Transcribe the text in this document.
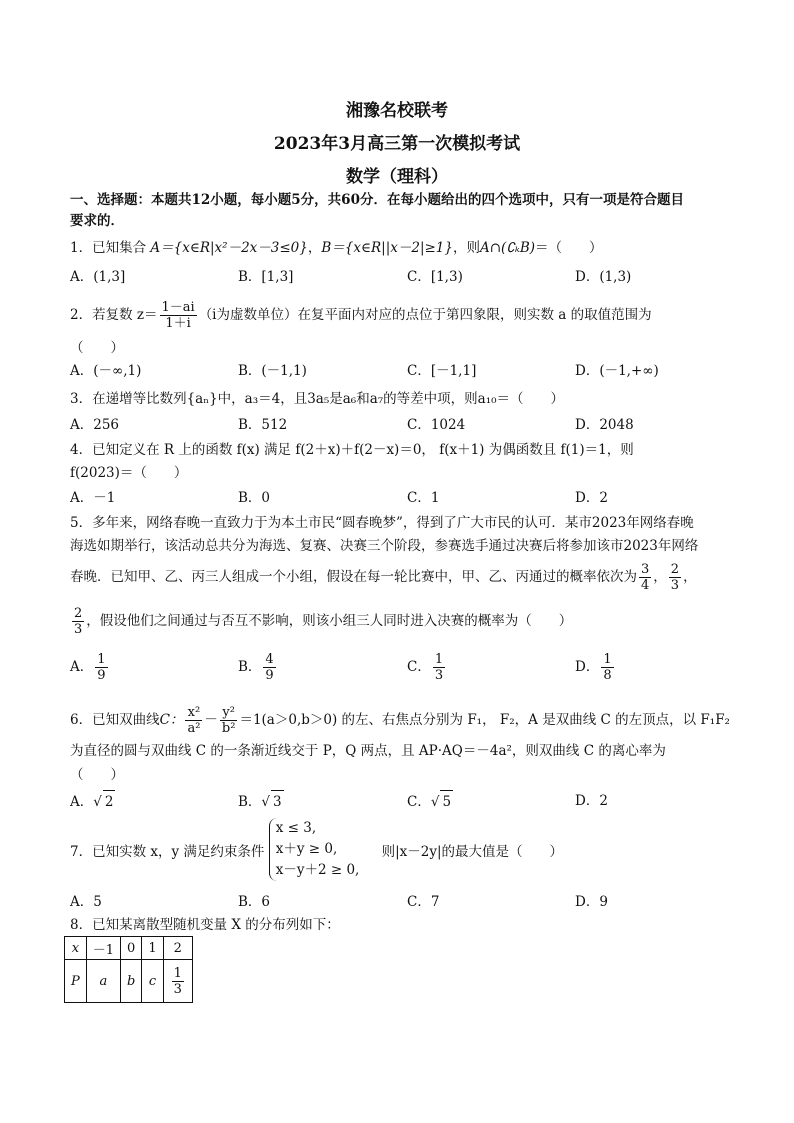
湘豫名校联考
2023年3月高三第一次模拟考试
数学（理科）
一、选择题：本题共12小题，每小题5分，共60分．在每小题给出的四个选项中，只有一项是符合题目
要求的．
1．已知集合 A＝{x∈R|x²－2x－3≤0}，B＝{x∈R||x－2|≥1}，则A∩(∁ₖB)＝（　　）
A．(1,3]	B．[1,3]	C．[1,3)	D．(1,3)
2．若复数 $z= \frac{1-ai}{1+i} (i$为虚数单位）在复平面内对应的点位于第四象限，则实数 a 的取值范围为
（　　）
A．(－∞,1)	B．(－1,1)	C．[－1,1]	D．(－1,+∞)
3．在递增等比数列{aₙ}中，a₃＝4，且3a₅是a₆和a₇的等差中项，则a₁₀＝（　　）
A．256	B．512	C．1024	D．2048
4．已知定义在 R 上的函数 f(x) 满足 f(2＋x)＋f(2－x)＝0， f(x＋1) 为偶函数且 f(1)＝1，则
f(2023)＝（　　）
A．－1	B．0	C．1	D．2
5．多年来，网络春晚一直致力于为本土市民“圆春晚梦”，得到了广大市民的认可．某市2023年网络春晚
海选如期举行，该活动总共分为海选、复赛、决赛三个阶段，参赛选手通过决赛后将参加该市2023年网络
春晚．已知甲、乙、丙三人组成一个小组，假设在每一轮比赛中，甲、乙、丙通过的概率依次为 $\frac{3}{4}$ ， $\frac{2}{3}$ ，
$\frac{2}{3}$ ，假设他们之间通过与否互不影响，则该小组三人同时进入决赛的概率为（　　）
A． $\frac{1}{9}$	B． $\frac{4}{9}$	C． $\frac{1}{3}$	D． $\frac{1}{8}$
6．已知双曲线C： $\frac{\text{x²}}{\text{a²}} - \frac{\text{y²}}{\text{b²}} =1(a>0,b>0)$ 的左、右焦点分别为 F₁， F₂，A 是双曲线 C 的左顶点，以 F₁F₂
为直径的圆与双曲线 C 的一条渐近线交于 P，Q 两点，且 AP·AQ＝－4a²，则双曲线 C 的离心率为
（　　）
A．√ 2	B．√ 3	C．√ 5	D．2
7．已知实数 x，y 满足约束条件
x ≤ 3,
x＋y ≥ 0,
x－y＋2 ≥ 0,
则|x－2y|的最大值是（　　）
A．5	B．6	C．7	D．9
8．已知某离散型随机变量 X 的分布列如下：
x	－1	0	1	2
P	a	b	c	$\frac{1}{3}$
